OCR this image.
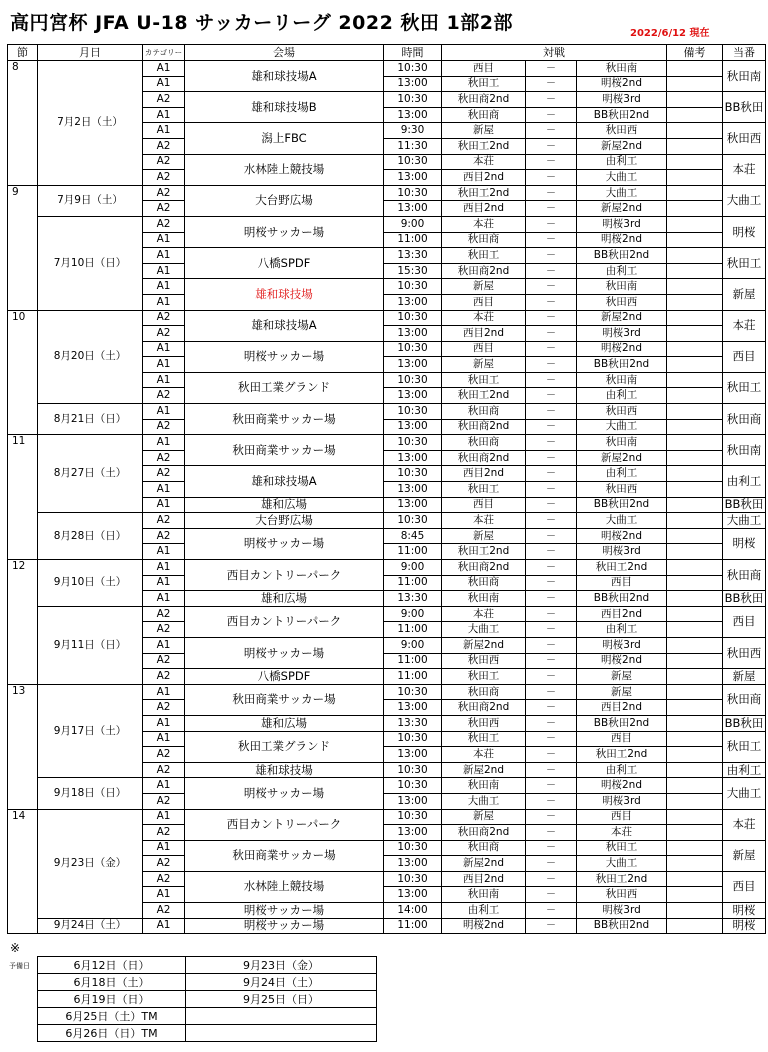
高円宮杯 JFA U-18 サッカーリーグ 2022 秋田 1部2部	2022/6/12 現在
節	月日	カテゴリー	会場	時間	対戦			備考	当番
8	7月2日（土）	A1	雄和球技場A	10:30	西目	－	秋田南		秋田南
		A1		13:00	秋田工	－	明桜2nd		
		A2	雄和球技場B	10:30	秋田商2nd	－	明桜3rd		BB秋田
		A1		13:00	秋田商	－	BB秋田2nd		
		A1	潟上FBC	9:30	新屋	－	秋田西		秋田西
		A2		11:30	秋田工2nd	－	新屋2nd		
		A2	水林陸上競技場	10:30	本荘	－	由利工		本荘
		A2		13:00	西目2nd	－	大曲工		
9	7月9日（土）	A2	大台野広場	10:30	秋田工2nd	－	大曲工		大曲工
		A2		13:00	西目2nd	－	新屋2nd		
	7月10日（日）	A2	明桜サッカー場	9:00	本荘	－	明桜3rd		明桜
		A1		11:00	秋田商	－	明桜2nd		
		A1	八橋SPDF	13:30	秋田工	－	BB秋田2nd		秋田工
		A1		15:30	秋田商2nd	－	由利工		
		A1	雄和球技場	10:30	新屋	－	秋田南		新屋
		A1		13:00	西目	－	秋田西		
10	8月20日（土）	A2	雄和球技場A	10:30	本荘	－	新屋2nd		本荘
		A2		13:00	西目2nd	－	明桜3rd		
		A1	明桜サッカー場	10:30	西目	－	明桜2nd		西目
		A1		13:00	新屋	－	BB秋田2nd		
		A1	秋田工業グランド	10:30	秋田工	－	秋田南		秋田工
		A2		13:00	秋田工2nd	－	由利工		
	8月21日（日）	A1	秋田商業サッカー場	10:30	秋田商	－	秋田西		秋田商
		A2		13:00	秋田商2nd	－	大曲工		
11	8月27日（土）	A1	秋田商業サッカー場	10:30	秋田商	－	秋田南		秋田南
		A2		13:00	秋田商2nd	－	新屋2nd		
		A2	雄和球技場A	10:30	西目2nd	－	由利工		由利工
		A1		13:00	秋田工	－	秋田西		
		A1	雄和広場	13:00	西目	－	BB秋田2nd		BB秋田
	8月28日（日）	A2	大台野広場	10:30	本荘	－	大曲工		大曲工
		A2	明桜サッカー場	8:45	新屋	－	明桜2nd		明桜
		A1		11:00	秋田工2nd	－	明桜3rd		
12	9月10日（土）	A1	西目カントリーパーク	9:00	秋田商2nd	－	秋田工2nd		秋田商
		A1		11:00	秋田商	－	西目		
		A1	雄和広場	13:30	秋田南	－	BB秋田2nd		BB秋田
	9月11日（日）	A2	西目カントリーパーク	9:00	本荘	－	西目2nd		西目
		A2		11:00	大曲工	－	由利工		
		A1	明桜サッカー場	9:00	新屋2nd	－	明桜3rd		秋田西
		A2		11:00	秋田西	－	明桜2nd		
		A2	八橋SPDF	11:00	秋田工	－	新屋		新屋
13	9月17日（土）	A1	秋田商業サッカー場	10:30	秋田商	－	新屋		秋田商
		A2		13:00	秋田商2nd	－	西目2nd		
		A1	雄和広場	13:30	秋田西	－	BB秋田2nd		BB秋田
		A1	秋田工業グランド	10:30	秋田工	－	西目		秋田工
		A2		13:00	本荘	－	秋田工2nd		
		A2	雄和球技場	10:30	新屋2nd	－	由利工		由利工
	9月18日（日）	A1	明桜サッカー場	10:30	秋田南	－	明桜2nd		大曲工
		A2		13:00	大曲工	－	明桜3rd		
14	9月23日（金）	A1	西目カントリーパーク	10:30	新屋	－	西目		本荘
		A2		13:00	秋田商2nd	－	本荘		
		A1	秋田商業サッカー場	10:30	秋田商	－	秋田工		新屋
		A2		13:00	新屋2nd	－	大曲工		
		A2	水林陸上競技場	10:30	西目2nd	－	秋田工2nd		西目
		A1		13:00	秋田南	－	秋田西		
		A2	明桜サッカー場	14:00	由利工	－	明桜3rd		明桜
	9月24日（土）	A1	明桜サッカー場	11:00	明桜2nd	－	BB秋田2nd		明桜
※
予備日	6月12日（日）	9月23日（金）
6月18日（土）	9月24日（土）
6月19日（日）	9月25日（日）
6月25日（土）TM	
6月26日（日）TM	
